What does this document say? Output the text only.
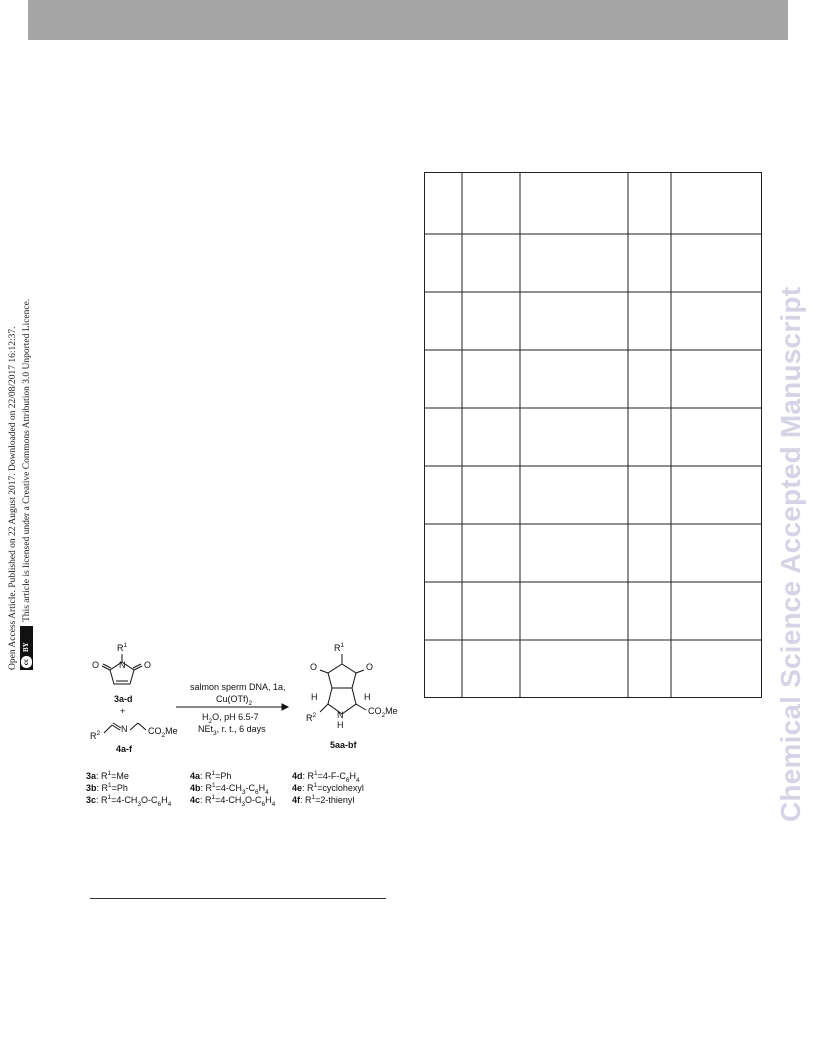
Open Access Article. Published on 22 August 2017. Downloaded on 22/08/2017 16:12:37. cc
BY
This article is licensed under a Creative Commons Attribution 3.0 Unported Licence.	Chemical Science Accepted Manuscript
$R^1$
O	O
N
3a-d
+
$R^2$ N $CO_2Me$
4a-f
salmon sperm DNA, 1a,
$Cu(OTf)_2$
$H_2O$, pH 6.5-7
NEt$_3$, r. t., 6 days
$R^1$
O	O
H	H
$R^2$ N
H
$CO_2Me$
5aa-bf
3a: $R^1=Me$
3b: $R^1=Ph$
3c: $R^1=4-CH_3O-C_6H_4$
4a: $R^1=Ph$
4b: $R^1=4-CH_3-C_6H_4$
4c: $R^1=4-CH_3O-C_6H_4$
4d: $R^1=4-F-C_6H_4$
4e: $R^1=cyclohexyl$
4f: $R^1=2$-thienyl
